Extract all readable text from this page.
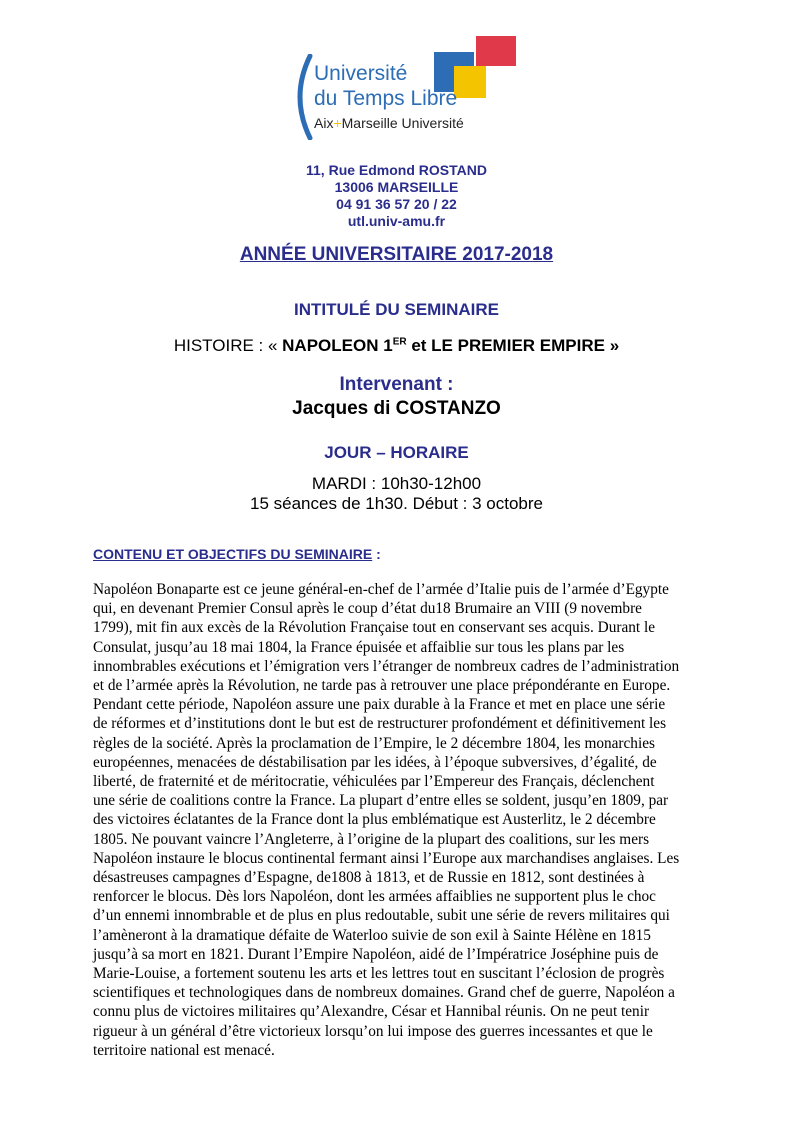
Université
du Temps Libre
Aix+Marseille Université
11, Rue Edmond ROSTAND
13006 MARSEILLE
04 91 36 57 20 / 22
utl.univ-amu.fr
ANNÉE UNIVERSITAIRE 2017-2018
INTITULÉ DU SEMINAIRE
HISTOIRE : « NAPOLEON 1ER et LE PREMIER EMPIRE »
Intervenant :
Jacques di COSTANZO
JOUR – HORAIRE
MARDI : 10h30-12h00
15 séances de 1h30. Début : 3 octobre
CONTENU ET OBJECTIFS DU SEMINAIRE :
Napoléon Bonaparte est ce jeune général-en-chef de l’armée d’Italie puis de l’armée d’Egypte
qui, en devenant Premier Consul après le coup d’état du18 Brumaire an VIII (9 novembre
1799), mit fin aux excès de la Révolution Française tout en conservant ses acquis. Durant le
Consulat, jusqu’au 18 mai 1804, la France épuisée et affaiblie sur tous les plans par les
innombrables exécutions et l’émigration vers l’étranger de nombreux cadres de l’administration
et de l’armée après la Révolution, ne tarde pas à retrouver une place prépondérante en Europe.
Pendant cette période, Napoléon assure une paix durable à la France et met en place une série
de réformes et d’institutions dont le but est de restructurer profondément et définitivement les
règles de la société. Après la proclamation de l’Empire, le 2 décembre 1804, les monarchies
européennes, menacées de déstabilisation par les idées, à l’époque subversives, d’égalité, de
liberté, de fraternité et de méritocratie, véhiculées par l’Empereur des Français, déclenchent
une série de coalitions contre la France. La plupart d’entre elles se soldent, jusqu’en 1809, par
des victoires éclatantes de la France dont la plus emblématique est Austerlitz, le 2 décembre
1805. Ne pouvant vaincre l’Angleterre, à l’origine de la plupart des coalitions, sur les mers
Napoléon instaure le blocus continental fermant ainsi l’Europe aux marchandises anglaises. Les
désastreuses campagnes d’Espagne, de1808 à 1813, et de Russie en 1812, sont destinées à
renforcer le blocus. Dès lors Napoléon, dont les armées affaiblies ne supportent plus le choc
d’un ennemi innombrable et de plus en plus redoutable, subit une série de revers militaires qui
l’amèneront à la dramatique défaite de Waterloo suivie de son exil à Sainte Hélène en 1815
jusqu’à sa mort en 1821. Durant l’Empire Napoléon, aidé de l’Impératrice Joséphine puis de
Marie-Louise, a fortement soutenu les arts et les lettres tout en suscitant l’éclosion de progrès
scientifiques et technologiques dans de nombreux domaines. Grand chef de guerre, Napoléon a
connu plus de victoires militaires qu’Alexandre, César et Hannibal réunis. On ne peut tenir
rigueur à un général d’être victorieux lorsqu’on lui impose des guerres incessantes et que le
territoire national est menacé.
